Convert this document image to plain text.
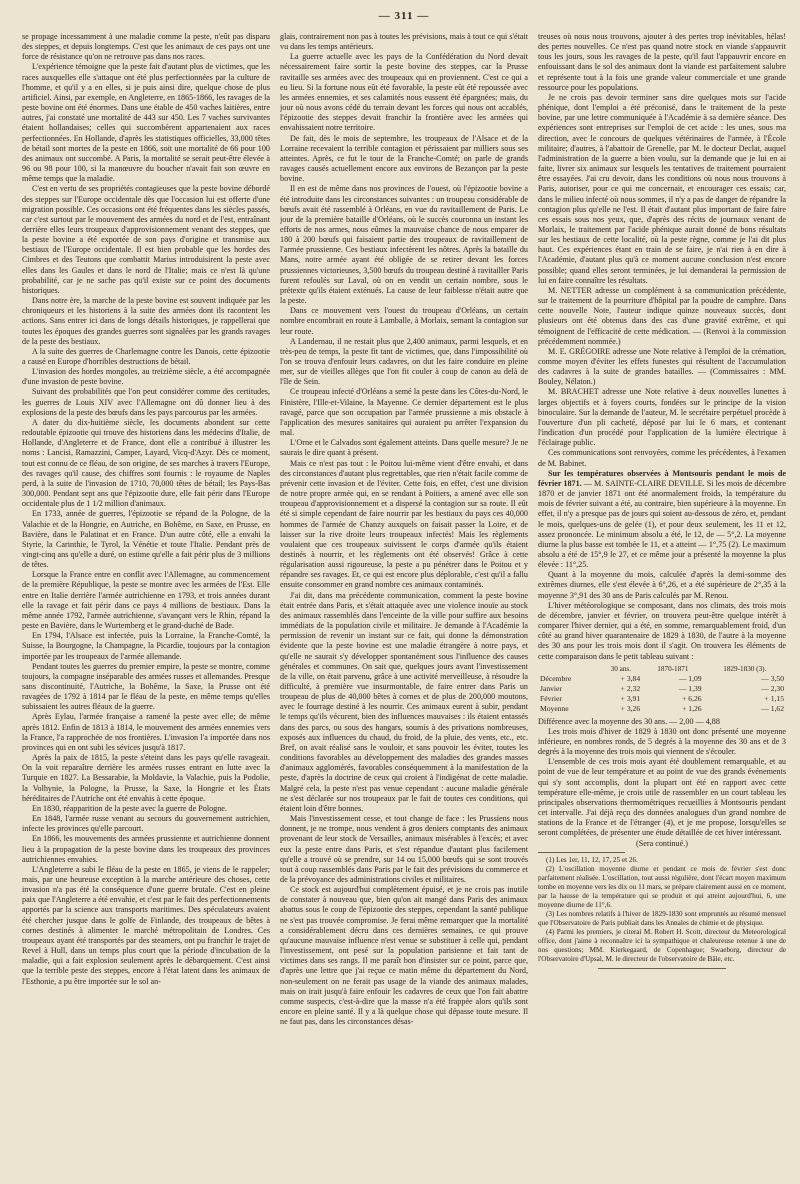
— 311 —

se propage incessamment à une maladie comme la peste, n'eût pas disparu des steppes, et depuis longtemps. C'est que les animaux de ces pays ont une force de résistance qu'on ne retrouve pas dans nos races.

L'expérience témoigne que la peste fait d'autant plus de victimes, que les races auxquelles elle s'attaque ont été plus perfectionnées par la culture de l'homme, et qu'il y a en elles, si je puis ainsi dire, quelque chose de plus artificiel. Ainsi, par exemple, en Angleterre, en 1865-1866, les ravages de la peste bovine ont été énormes. Dans une étable de 450 vaches laitières, entre autres, j'ai constaté une mortalité de 443 sur 450. Les 7 vaches survivantes étaient hollandaises; celles qui succombèrent appartenaient aux races perfectionnées. En Hollande, d'après les statistiques officielles, 33,000 têtes de bétail sont mortes de la peste en 1866, soit une mortalité de 66 pour 100 des animaux ont succombé. A Paris, la mortalité se serait peut-être élevée à 96 ou 98 pour 100, si la manœuvre du boucher n'avait fait son œuvre en même temps que la maladie.

C'est en vertu de ses propriétés contagieuses que la peste bovine débordé des steppes sur l'Europe occidentale dès que l'occasion lui est offerte d'une migration possible. Ces occasions ont été fréquentes dans les siècles passés, car c'est surtout par le mouvement des armées du nord et de l'est, entraînant derrière elles leurs troupeaux d'approvisionnement venant des steppes, que la peste bovine a été exportée de son pays d'origine et transmise aux bestiaux de l'Europe occidentale. Il est bien probable que les hordes des Cimbres et des Teutons que combattit Marius introduisirent la peste avec elles dans les Gaules et dans le nord de l'Italie; mais ce n'est là qu'une probabilité, car je ne sache pas qu'il existe sur ce point des documents historiques.

Dans notre ère, la marche de la peste bovine est souvent indiquée par les chroniqueurs et les historiens à la suite des armées dont ils racontent les actions. Sans entrer ici dans de longs détails historiques, je rappellerai que toutes les époques des grandes guerres sont signalées par les grands ravages de la peste des bestiaux.

A la suite des guerres de Charlemagne contre les Danois, cette épizootie a causé en Europe d'horribles destructions de bétail.

L'invasion des hordes mongoles, au treizième siècle, a été accompagnée d'une invasion de peste bovine.

Suivant des probabilités que l'on peut considérer comme des certitudes, les guerres de Louis XIV avec l'Allemagne ont dû donner lieu à des explosions de la peste des bœufs dans les pays parcourus par les armées.

A dater du dix-huitième siècle, les documents abondent sur cette redoutable épizootie qui trouve des historiens dans les médecins d'Italie, de Hollande, d'Angleterre et de France, dont elle a contribué à illustrer les noms : Lancisi, Ramazzini, Camper, Layard, Vicq-d'Azyr. Dès ce moment, tout est connu de ce fléau, de son origine, de ses marches à travers l'Europe, des ravages qu'il cause, des chiffres sont fournis : le royaume de Naples perd, à la suite de l'invasion de 1710, 70,000 têtes de bétail; les Pays-Bas 300,000. Pendant sept ans que l'épizootie dure, elle fait périr dans l'Europe occidentale plus de 1 1/2 million d'animaux.

En 1733, année de guerres, l'épizootie se répand de la Pologne, de la Valachie et de la Hongrie, en Autriche, en Bohême, en Saxe, en Prusse, en Bavière, dans le Palatinat et en France. D'un autre côté, elle a envahi la Styrie, la Carinthie, le Tyrol, la Vénétie et toute l'Italie. Pendant près de vingt-cinq ans qu'elle a duré, on estime qu'elle a fait périr plus de 3 millions de têtes.

Lorsque la France entre en conflit avec l'Allemagne, au commencement de la première République, la peste se montre avec les armées de l'Est. Elle entre en Italie derrière l'armée autrichienne en 1793, et trois années durant elle la ravage et fait périr dans ce pays 4 millions de bestiaux. Dans la même année 1792, l'armée autrichienne, s'avançant vers le Rhin, répand la peste en Bavière, dans le Wurtemberg et le grand-duché de Bade.

En 1794, l'Alsace est infectée, puis la Lorraine, la Franche-Comté, la Suisse, la Bourgogne, la Champagne, la Picardie, toujours par la contagion importée par les troupeaux de l'armée allemande.

Pendant toutes les guerres du premier empire, la peste se montre, comme toujours, la compagne inséparable des armées russes et allemandes. Presque sans discontinuité, l'Autriche, la Bohême, la Saxe, la Prusse ont été ravagées de 1792 à 1814 par le fléau de la peste, en même temps qu'elles subissaient les autres fléaux de la guerre.

Après Eylau, l'armée française a ramené la peste avec elle; de même après 1812. Enfin de 1813 à 1814, le mouvement des armées ennemies vers la France, l'a rapprochée de nos frontières. L'invasion l'a importée dans nos provinces qui en ont subi les sévices jusqu'à 1817.

Après la paix de 1815, la peste s'éteint dans les pays qu'elle ravageait. On la voit reparaître derrière les armées russes entrant en lutte avec la Turquie en 1827. La Bessarabie, la Moldavie, la Valachie, puis la Podolie, la Volhynie, la Pologne, la Prusse, la Saxe, la Hongrie et les États héréditaires de l'Autriche ont été envahis à cette époque.

En 1830, réapparition de la peste avec la guerre de Pologne.

En 1848, l'armée russe venant au secours du gouvernement autrichien, infecte les provinces qu'elle parcourt.

En 1866, les mouvements des armées prussienne et autrichienne donnent lieu à la propagation de la peste bovine dans les troupeaux des provinces autrichiennes envahies.

L'Angleterre a subi le fléau de la peste en 1865, je viens de le rappeler; mais, par une heureuse exception à la marche antérieure des choses, cette invasion n'a pas été la conséquence d'une guerre brutale. C'est en pleine paix que l'Angleterre a été envahie, et c'est par le fait des perfectionnements apportés par la science aux transports maritimes. Des spéculateurs avaient été chercher jusque dans le golfe de Finlande, des troupeaux de bêtes à cornes destinés à alimenter le marché métropolitain de Londres. Ces troupeaux ayant été transportés par des steamers, ont pu franchir le trajet de Revel à Hull, dans un temps plus court que la période d'incubation de la maladie, qui a fait explosion seulement après le débarquement. C'est ainsi que la terrible peste des steppes, encore à l'état latent dans les animaux de l'Esthonie, a pu être importée sur le sol an-

glais, contrairement non pas à toutes les prévisions, mais à tout ce qui s'était vu dans les temps antérieurs.

La guerre actuelle avec les pays de la Confédération du Nord devait nécessairement faire sortir la peste bovine des steppes, car la Prusse ravitaille ses armées avec des troupeaux qui en proviennent. C'est ce qui a eu lieu. Si la fortune nous eût été favorable, la peste eût été repoussée avec les armées ennemies, et ses calamités nous eussent été épargnées; mais, du jour où nous avons cédé du terrain devant les forces qui nous ont accablés, l'épizootie des steppes devait franchir la frontière avec les armées qui envahissaient notre territoire.

De fait, dès le mois de septembre, les troupeaux de l'Alsace et de la Lorraine recevaient la terrible contagion et périssaient par milliers sous ses atteintes. Après, ce fut le tour de la Franche-Comté; on parle de grands ravages causés actuellement encore aux environs de Bezançon par la peste bovine.

Il en est de même dans nos provinces de l'ouest, où l'épizootie bovine a été introduite dans les circonstances suivantes : un troupeau considérable de bœufs avait été rassemblé à Orléans, en vue du ravitaillement de Paris. Le jour de la première bataille d'Orléans, où le succès couronna un instant les efforts de nos armes, nous eûmes la mauvaise chance de nous emparer de 180 à 200 bœufs qui faisaient partie des troupeaux de ravitaillement de l'armée prussienne. Ces bestiaux infectèrent les nôtres. Après la bataille du Mans, notre armée ayant été obligée de se retirer devant les forces prussiennes victorieuses, 3,500 bœufs du troupeau destiné à ravitailler Paris furent refoulés sur Laval, où on en vendit un certain nombre, sous le prétexte qu'ils étaient exténués. La cause de leur faiblesse n'était autre que la peste.

Dans ce mouvement vers l'ouest du troupeau d'Orléans, un certain nombre encombrait en route à Lamballe, à Morlaix, semant la contagion sur leur route.

A Landernau, il ne restait plus que 2,400 animaux, parmi lesquels, et en très-peu de temps, la peste fit tant de victimes, que, dans l'impossibilité où l'on se trouva d'enfouir leurs cadavres, on dut les faire conduire en pleine mer, sur de vieilles allèges que l'on fit couler à coup de canon au delà de l'île de Sein.

Ce troupeau infecté d'Orléans a semé la peste dans les Côtes-du-Nord, le Finistère, l'Ille-et-Vilaine, la Mayenne. Ce dernier département est le plus ravagé, parce que son occupation par l'armée prussienne a mis obstacle à l'application des mesures sanitaires qui auraient pu arrêter l'expansion du mal.

L'Orne et le Calvados sont également atteints. Dans quelle mesure? Je ne saurais le dire quant à présent.

Mais ce n'est pas tout : le Poitou lui-même vient d'être envahi, et dans des circonstances d'autant plus regrettables, que rien n'était facile comme de prévenir cette invasion et de l'éviter. Cette fois, en effet, c'est une division de notre propre armée qui, en se rendant à Poitiers, a amené avec elle son troupeau d'approvisionnement et a dispersé la contagion sur sa route. Il eût été si simple cependant de faire nourrir par les bestiaux du pays ces 40,000 hommes de l'armée de Chanzy auxquels on faisait passer la Loire, et de laisser sur la rive droite leurs troupeaux infectés! Mais les règlements voulaient que ces troupeaux suivissent le corps d'armée qu'ils étaient destinés à nourrir, et les règlements ont été observés! Grâce à cette régularisation aussi rigoureuse, la peste a pu pénétrer dans le Poitou et y répandre ses ravages. Et, ce qui est encore plus déplorable, c'est qu'il a fallu ensuite consommer en grand nombre ces animaux contaminés.

J'ai dit, dans ma précédente communication, comment la peste bovine était entrée dans Paris, et s'était attaquée avec une violence inouïe au stock des animaux rassemblés dans l'enceinte de la ville pour suffire aux besoins immédiats de la population civile et militaire. Je demande à l'Académie la permission de revenir un instant sur ce fait, qui donne la démonstration évidente que la peste bovine est une maladie étrangère à notre pays, et qu'elle ne saurait s'y développer spontanément sous l'influence des causes générales et communes. On sait que, quelques jours avant l'investissement de la ville, on était parvenu, grâce à une activité merveilleuse, à résoudre la difficulté, à première vue insurmontable, de faire entrer dans Paris un troupeau de plus de 40,000 bêtes à cornes et de plus de 200,000 moutons, avec le fourrage destiné à les nourrir. Ces animaux eurent à subir, pendant le temps qu'ils vécurent, bien des influences mauvaises : ils étaient entassés dans des parcs, ou sous des hangars, soumis à des privations nombreuses, exposés aux influences du chaud, du froid, de la pluie, des vents, etc., etc. Bref, on avait réalisé sans le vouloir, et sans pouvoir les éviter, toutes les conditions favorables au développement des maladies des grandes masses d'animaux agglomérés, favorables conséquemment à la manifestation de la peste, d'après la doctrine de ceux qui croient à l'indigénat de cette maladie. Malgré cela, la peste n'est pas venue cependant : aucune maladie générale ne s'est déclarée sur nos troupeaux par le fait de toutes ces conditions, qui étaient loin d'être bonnes.

Mais l'investissement cesse, et tout change de face : les Prussiens nous donnent, je ne trompe, nous vendent à gros deniers comptants des animaux provenant de leur stock de Versailles, animaux misérables à l'excès; et avec eux la peste entre dans Paris, et s'est répandue d'autant plus facilement qu'elle a trouvé où se prendre, sur 14 ou 15,000 bœufs qui se sont trouvés tout à coup rassemblés dans Paris par le fait des prévisions du commerce et de la prévoyance des administrations civiles et militaires.

Ce stock est aujourd'hui complètement épuisé, et je ne crois pas inutile de constater à nouveau que, bien qu'on ait mangé dans Paris des animaux abattus sous le coup de l'épizootie des steppes, cependant la santé publique ne s'est pas trouvée compromise. Je ferai même remarquer que la mortalité a considérablement décru dans ces dernières semaines, ce qui prouve qu'aucune mauvaise influence n'est venue se substituer à celle qui, pendant l'investissement, ont pesé sur la population parisienne et fait tant de victimes dans ses rangs. Il me paraît bon d'insister sur ce point, parce que, d'après une lettre que j'ai reçue ce matin même du département du Nord, non-seulement on ne ferait pas usage de la viande des animaux malades, mais on irait jusqu'à faire enfouir les cadavres de ceux que l'on fait abattre comme suspects, c'est-à-dire que la masse n'a été frappée alors qu'ils sont encore en pleine santé. Il y a là quelque chose qui dépasse toute mesure. Il ne faut pas, dans les circonstances désas-

treuses où nous nous trouvons, ajouter à des pertes trop inévitables, hélas! des pertes nouvelles. Ce n'est pas quand notre stock en viande s'appauvrit tous les jours, sous les ravages de la peste, qu'il faut l'appauvrir encore en enfouissant dans le sol des animaux dont la viande est parfaitement salubre et représente tout à la fois une grande valeur commerciale et une grande ressource pour les populations.

Je ne crois pas devoir terminer sans dire quelques mots sur l'acide phénique, dont l'emploi a été préconisé, dans le traitement de la peste bovine, par une lettre communiquée à l'Académie à sa dernière séance. Des expériences sont entreprises sur l'emploi de cet acide : les unes, sous ma direction, avec le concours de quelques vétérinaires de l'armée, à l'École militaire; d'autres, à l'abattoir de Grenelle, par M. le docteur Declat, auquel l'administration de la guerre a bien voulu, sur la demande que je lui en ai faite, livrer six animaux sur lesquels les tentatives de traitement pourraient être essayées. J'ai cru devoir, dans les conditions où nous nous trouvons à Paris, autoriser, pour ce qui me concernait, et encourager ces essais; car, dans le milieu infecté où nous sommes, il n'y a pas de danger de répandre la contagion plus qu'elle ne l'est. Il était d'autant plus important de faire faire ces essais sous nos yeux, que, d'après des récits de journaux venant de Morlaix, le traitement par l'acide phénique aurait donné de bons résultats sur les bestiaux de cette localité, où la peste règne, comme je l'ai dit plus haut. Ces expériences étant en train de se faire, je n'ai rien à en dire à l'Académie, d'autant plus qu'à ce moment aucune conclusion n'est encore possible; quand elles seront terminées, je lui demanderai la permission de lui en faire connaître les résultats.

M. NETTER adresse un complément à sa communication précédente, sur le traitement de la pourriture d'hôpital par la poudre de camphre. Dans cette nouvelle Note, l'auteur indique quinze nouveaux succès, dont plusieurs ont été obtenus dans des cas d'une gravité extrême, et qui témoignent de l'efficacité de cette médication. — (Renvoi à la commission précédemment nommée.)

M. E. GRÉGOIRE adresse une Note relative à l'emploi de la crémation, comme moyen d'éviter les effets funestes qui résultent de l'accumulation des cadavres à la suite de grandes batailles. — (Commissaires : MM. Bouley, Nélaton.)

M. BRACHET adresse une Note relative à deux nouvelles lunettes à larges objectifs et à foyers courts, fondées sur le principe de la vision binoculaire. Sur la demande de l'auteur, M. le secrétaire perpétuel procède à l'ouverture d'un pli cacheté, déposé par lui le 6 mars, et contenant l'indication d'un procédé pour l'application de la lumière électrique à l'éclairage public.

Ces communications sont renvoyées, comme les précédentes, à l'examen de M. Babinet.

Sur les températures observées à Montsouris pendant le mois de février 1871. — M. SAINTE-CLAIRE DEVILLE. Si les mois de décembre 1870 et de janvier 1871 ont été anormalement froids, la température du mois de février suivant a été, au contraire, bien supérieure à la moyenne. En effet, il n'y a presque pas de jours qui soient au-dessous de zéro, et, pendant le mois, quelques-uns de gelée (1), et pour deux seulement, les 11 et 12, assez prononcée. Le minimum absolu a été, le 12, de — 5°,2. La moyenne diurne la plus basse est tombée le 11, et a atteint — 1°,75 (2). Le maximum absolu a été de 15°,9 le 27, et ce même jour a présenté la moyenne la plus élevée : 11°,25.

Quant à la moyenne du mois, calculée d'après la demi-somme des extrêmes diurnes, elle s'est élevée à 6°,26, et a été supérieure de 2°,35 à la moyenne 3°,91 des 30 ans de Paris calculés par M. Renou.

L'hiver météorologique se composant, dans nos climats, des trois mois de décembre, janvier et février, on trouvera peut-être quelque intérêt à comparer l'hiver dernier, qui a été, en somme, remarquablement froid, d'un côté au grand hiver quarantenaire de 1829 à 1830, de l'autre à la moyenne des 30 ans pour les trois mois dont il s'agit. On trouvera les éléments de cette comparaison dans le petit tableau suivant :

	30 ans.	1870-1871	1829-1830 (3).
Décembre	+ 3,84	— 1,09	— 3,50
Janvier	+ 2,32	— 1,39	— 2,30
Février	+ 3,91	+ 6,26	+ 1,15
Moyenne	+ 3,26	+ 1,26	— 1,62

Différence avec la moyenne des 30 ans. — 2,00 — 4,88

Les trois mois d'hiver de 1829 à 1830 ont donc présenté une moyenne inférieure, en nombres ronds, de 5 degrés à la moyenne des 30 ans et de 3 degrés à la moyenne des trois mois qui viennent de s'écouler.

L'ensemble de ces trois mois ayant été doublement remarquable, et au point de vue de leur température et au point de vue des grands événements qui s'y sont accomplis, dont la plupart ont été en rapport avec cette température elle-même, je crois utile de rassembler en un court tableau les principales observations thermométriques recueillies à Montsouris pendant cet intervalle. J'ai déjà reçu des données analogues d'un grand nombre de stations de la France et de l'étranger (4), et je me propose, lorsqu'elles se seront complétées, de présenter une étude détaillée de cet hiver intéressant.

(Sera continué.)

(1) Les 1er, 11, 12, 17, 25 et 26.

(2) L'oscillation moyenne diurne et pendant ce mois de février s'est donc parfaitement réalisée. L'oscillation, tout aussi régulière, dont l'écart moyen maximum tombe en moyenne vers les dix ou 11 mars, se prépare clairement aussi en ce moment, par la hausse de la température qui se produit et qui atteint aujourd'hui, 6, une moyenne diurne de 11°,6.

(3) Les nombres relatifs à l'hiver de 1829-1830 sont empruntés au résumé mensuel que l'Observatoire de Paris publiait dans les Annales de chimie et de physique.

(4) Parmi les premiers, je citerai M. Robert H. Scott, directeur du Meteorological office, dont j'aime à reconnaître ici la sympathique et chaleureuse retenue à une de nos questions; MM. Kierkegaard, de Copenhague; Swaeborg, directeur de l'Observatoire d'Upsal, M. le directeur de l'observatoire de Bâle, etc.
